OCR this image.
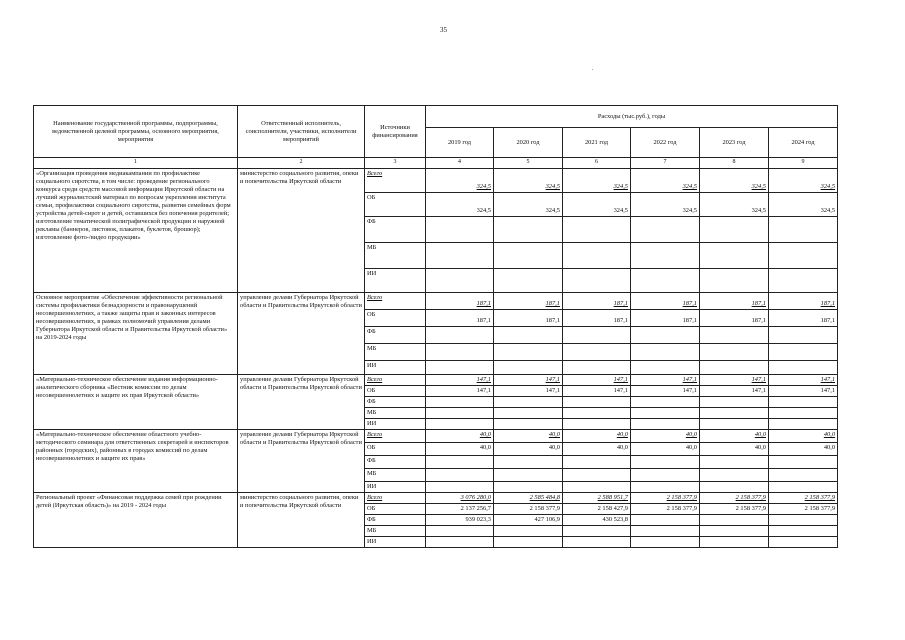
35
.
Наименование государственной программы, подпрограммы, ведомственной целевой программы, основного мероприятия, мероприятия	Ответственный исполнитель, соисполнители, участники, исполнители мероприятий	Источники финансирования	Расходы (тыс.руб.), годы					
			2019 год	2020 год	2021 год	2022 год	2023 год	2024 год
1	2	3	4	5	6	7	8	9
«Организация проведения медиакампании по профилактике социального сиротства, в том числе: проведение регионального конкурса среди средств массовой информации Иркутской области на лучший журналистский материал по вопросам укрепления института семьи, профилактики социального сиротства, развития семейных форм устройства детей-сирот и детей, оставшихся без попечения родителей; изготовление тематической полиграфической продукции и наружной рекламы (баннеров, листовок, плакатов, буклетов, брошюр); изготовление фото-/видео продукции»	министерство социального развития, опеки и попечительства Иркутской области	Всего	324,5	324,5	324,5	324,5	324,5	324,5
		ОБ	324,5	324,5	324,5	324,5	324,5	324,5
		ФБ						
		МБ						
		ИИ						
Основное мероприятие «Обеспечение эффективности региональной системы профилактики безнадзорности и правонарушений несовершеннолетних, а также защиты прав и законных интересов несовершеннолетних, в рамках полномочий управления делами Губернатора Иркутской области и Правительства Иркутской области» на 2019-2024 годы	управление делами Губернатора Иркутской области и Правительства Иркутской области	Всего	187,1	187,1	187,1	187,1	187,1	187,1
		ОБ	187,1	187,1	187,1	187,1	187,1	187,1
		ФБ						
		МБ						
		ИИ						
«Материально-техническое обеспечение издания информационно-аналитического сборника «Вестник комиссии по делам несовершеннолетних и защите их прав Иркутской области»	управление делами Губернатора Иркутской области и Правительства Иркутской области	Всего	147,1	147,1	147,1	147,1	147,1	147,1
		ОБ	147,1	147,1	147,1	147,1	147,1	147,1
		ФБ						
		МБ						
		ИИ						
«Материально-техническое обеспечение областного учебно-методического семинара для ответственных секретарей и инспекторов районных (городских), районных в городах комиссий по делам несовершеннолетних и защите их прав»	управление делами Губернатора Иркутской области и Правительства Иркутской области	Всего	40,0	40,0	40,0	40,0	40,0	40,0
		ОБ	40,0	40,0	40,0	40,0	40,0	40,0
		ФБ						
		МБ						
		ИИ						
Региональный проект «Финансовая поддержка семей при рождении детей (Иркутская область)» на 2019 - 2024 годы	министерство социального развития, опеки и попечительства Иркутской области	Всего	3 076 280,0	2 585 484,8	2 588 951,7	2 158 377,9	2 158 377,9	2 158 377,9
		ОБ	2 137 256,7	2 158 377,9	2 158 427,9	2 158 377,9	2 158 377,9	2 158 377,9
		ФБ	939 023,3	427 106,9	430 523,8			
		МБ						
		ИИ						
